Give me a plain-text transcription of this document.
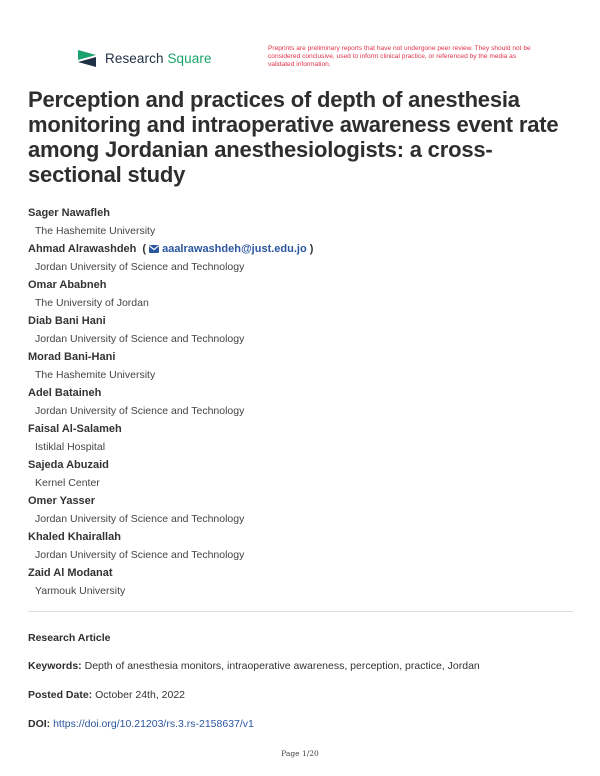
Research Square
Preprints are preliminary reports that have not undergone peer review. They should not be considered conclusive, used to inform clinical practice, or referenced by the media as validated information.
Perception and practices of depth of anesthesia monitoring and intraoperative awareness event rate among Jordanian anesthesiologists: a cross-sectional study
Sager Nawafleh
The Hashemite University
Ahmad Alrawashdeh ( aaalrawashdeh@just.edu.jo )
Jordan University of Science and Technology
Omar Ababneh
The University of Jordan
Diab Bani Hani
Jordan University of Science and Technology
Morad Bani-Hani
The Hashemite University
Adel Bataineh
Jordan University of Science and Technology
Faisal Al-Salameh
Istiklal Hospital
Sajeda Abuzaid
Kernel Center
Omer Yasser
Jordan University of Science and Technology
Khaled Khairallah
Jordan University of Science and Technology
Zaid Al Modanat
Yarmouk University
Research Article
Keywords: Depth of anesthesia monitors, intraoperative awareness, perception, practice, Jordan
Posted Date: October 24th, 2022
DOI: https://doi.org/10.21203/rs.3.rs-2158637/v1
Page 1/20
